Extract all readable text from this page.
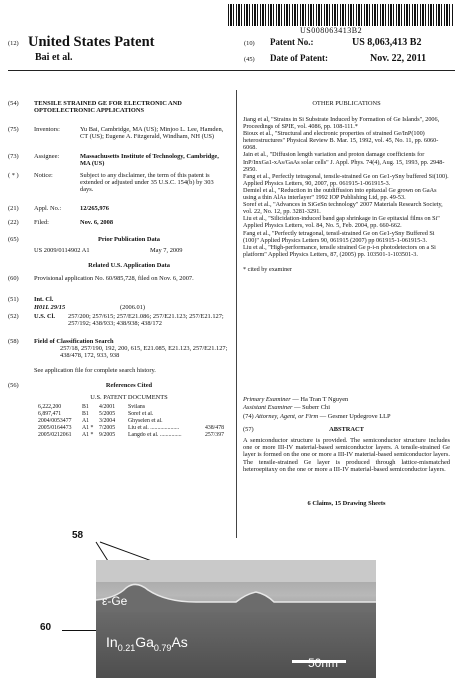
US008063413B2
(12) United States Patent
Bai et al.
(10) Patent No.:	US 8,063,413 B2
(45) Date of Patent:	Nov. 22, 2011
(54)	TENSILE STRAINED GE FOR ELECTRONIC AND OPTOELECTRONIC APPLICATIONS
(75)	Inventors:	Yu Bai, Cambridge, MA (US); Minjoo L. Lee, Hamden, CT (US); Eugene A. Fitzgerald, Windham, NH (US)
(73)	Assignee:	Massachusetts Institute of Technology, Cambridge, MA (US)
( * )	Notice:	Subject to any disclaimer, the term of this patent is extended or adjusted under 35 U.S.C. 154(b) by 303 days.
(21)	Appl. No.:	12/265,976
(22)	Filed:	Nov. 6, 2008
(65)	Prior Publication Data
US 2009/0114902 A1	May 7, 2009
Related U.S. Application Data
(60)	Provisional application No. 60/985,728, filed on Nov. 6, 2007.
(51)	Int. Cl.
H01L 29/15	(2006.01)
(52)	U.S. Cl. 257/200; 257/615; 257/E21.086; 257/E21.123; 257/E21.127; 257/192; 438/933; 438/938; 438/172
(58)	Field of Classification Search
257/18, 257/190, 192, 200, 615, E21.085, E21.123, 257/E21.127; 438/478, 172, 933, 938
See application file for complete search history.
(56)	References Cited
U.S. PATENT DOCUMENTS
6,222,200	B1	4/2001	Svilans
6,897,471	B1	5/2005	Soref et al.
2004/0053477	A1	3/2004	Ghyselen et al.
2005/0164473	A1 * 7/2005	Liu et al. ....................	438/478
2005/0212061	A1 * 9/2005	Langdo et al. ...............	257/397
OTHER PUBLICATIONS

Jiang et al, "Strains in Si Substrate Induced by Formation of Ge Islands", 2006, Proceedings of SPIE, vol. 4086, pp. 108-111.*

Bioux et al., "Structural and electronic properties of strained Ge/InP(100) heterostructures" Physical Review B. Mar. 15, 1992, vol. 45, No. 11, pp. 6060-6068.

Jain et al., "Diffusion length variation and proton damage coefficients for InP/InxGa1-xAs/GaAs solar cells" J. Appl. Phys. 74(4), Aug. 15, 1993, pp. 2948-2950.

Fang et al., Perfectly tetragonal, tensile-strained Ge on Ge1-ySny buffered Si(100). Applied Physics Letters, 90, 2007, pp. 061915-1-061915-3.

Demiel et al., "Reduction in the outdiffusion into epitaxial Ge grown on GaAs using a thin AlAs interlayer" 1992 IOP Publishing Ltd, pp. 49-53.

Soref et al., "Advances in SiGeSn technology" 2007 Materials Research Society, vol. 22, No. 12, pp. 3281-3291.

Liu et al., "Silicidation-induced band gap shrinkage in Ge epitaxial films on Si" Applied Physics Letters, vol. 84, No. 5, Feb. 2004, pp. 660-662.

Fang et al., "Perfectly tetragonal, tensil-strained Ge on Ge1-ySny Buffered Si (100)" Applied Physics Letters 90, 061915 (2007) pp 061915-1-061915-3.

Liu et al., "High-performance, tensile strained Ge p-i-n photodetectors on a Si platform" Applied Physics Letters, 87, (2005) pp. 103501-1-103501-3.

* cited by examiner

Primary Examiner — Ha Tran T Nguyen
Assistant Examiner — Suberr Chi
(74) Attorney, Agent, or Firm — Gesmer Updegrove LLP
(57)	ABSTRACT
A semiconductor structure is provided. The semiconductor structure includes one or more III-IV material-based semiconductor layers. A tensile-strained Ge layer is formed on the one or more a III-IV material-based semiconductor layers. The tensile-strained Ge layer is produced through lattice-mismatched heteroepitaxy on the one or more a III-IV material-based semiconductor layers.
6 Claims, 15 Drawing Sheets
58
60
ε-Ge
$In_{0.21}Ga_{0.79}As$
50nm
